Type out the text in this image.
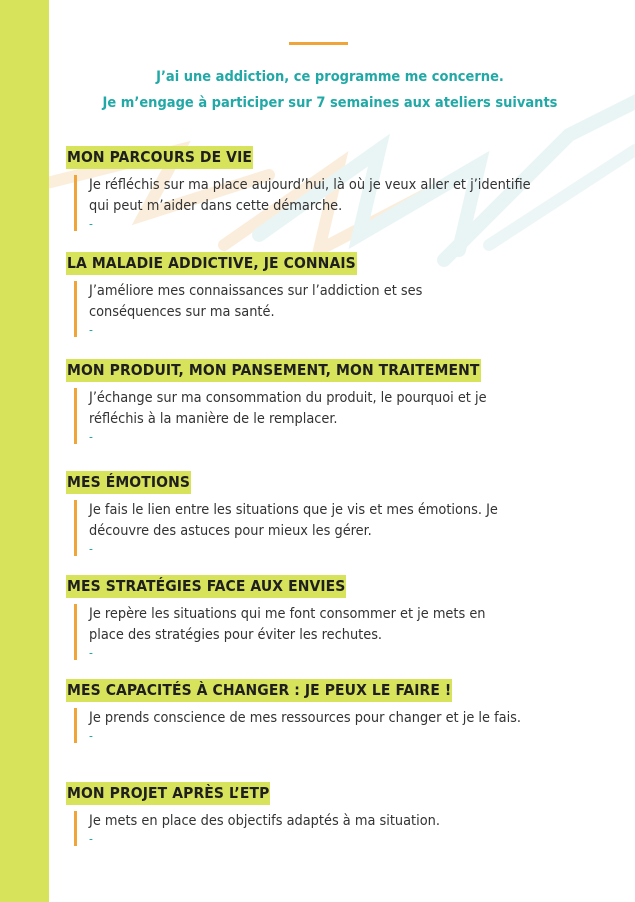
J’ai une addiction, ce programme me concerne.
Je m’engage à participer sur 7 semaines aux ateliers suivants
MON PARCOURS DE VIE
Je réfléchis sur ma place aujourd’hui, là où je veux aller et j’identifie
qui peut m’aider dans cette démarche.
-
LA MALADIE ADDICTIVE, JE CONNAIS
J’améliore mes connaissances sur l’addiction et ses
conséquences sur ma santé.
-
MON PRODUIT, MON PANSEMENT, MON TRAITEMENT
J’échange sur ma consommation du produit, le pourquoi et je
réfléchis à la manière de le remplacer.
-
MES ÉMOTIONS
Je fais le lien entre les situations que je vis et mes émotions. Je
découvre des astuces pour mieux les gérer.
-
MES STRATÉGIES FACE AUX ENVIES
Je repère les situations qui me font consommer et je mets en
place des stratégies pour éviter les rechutes.
-
MES CAPACITÉS À CHANGER : JE PEUX LE FAIRE !
Je prends conscience de mes ressources pour changer et je le fais.
-
MON PROJET APRÈS L’ETP
Je mets en place des objectifs adaptés à ma situation.
-
